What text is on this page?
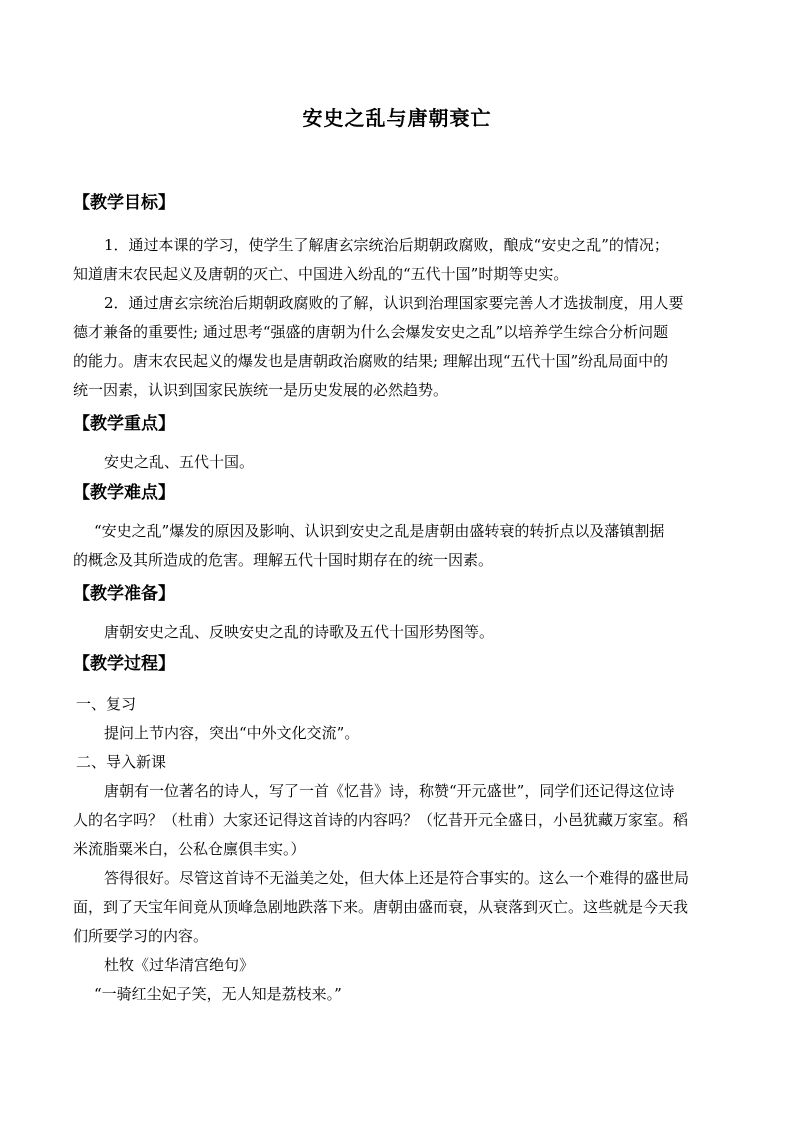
安史之乱与唐朝衰亡
【教学目标】
1．通过本课的学习，使学生了解唐玄宗统治后期朝政腐败，酿成“安史之乱”的情况；
知道唐末农民起义及唐朝的灭亡、中国进入纷乱的“五代十国”时期等史实。
2．通过唐玄宗统治后期朝政腐败的了解，认识到治理国家要完善人才选拔制度，用人要
德才兼备的重要性; 通过思考“强盛的唐朝为什么会爆发安史之乱”以培养学生综合分析问题
的能力。唐末农民起义的爆发也是唐朝政治腐败的结果; 理解出现“五代十国”纷乱局面中的
统一因素，认识到国家民族统一是历史发展的必然趋势。
【教学重点】
安史之乱、五代十国。
【教学难点】
“安史之乱”爆发的原因及影响、认识到安史之乱是唐朝由盛转衰的转折点以及藩镇割据
的概念及其所造成的危害。理解五代十国时期存在的统一因素。
【教学准备】
唐朝安史之乱、反映安史之乱的诗歌及五代十国形势图等。
【教学过程】
一、复习
提问上节内容，突出“中外文化交流”。
二、导入新课
唐朝有一位著名的诗人，写了一首《忆昔》诗，称赞“开元盛世”，同学们还记得这位诗
人的名字吗？（杜甫）大家还记得这首诗的内容吗？（忆昔开元全盛日，小邑犹藏万家室。稻
米流脂粟米白，公私仓廪俱丰实。）
答得很好。尽管这首诗不无溢美之处，但大体上还是符合事实的。这么一个难得的盛世局
面，到了天宝年间竟从顶峰急剧地跌落下来。唐朝由盛而衰，从衰落到灭亡。这些就是今天我
们所要学习的内容。
杜牧《过华清宫绝句》
“一骑红尘妃子笑，无人知是荔枝来。”
